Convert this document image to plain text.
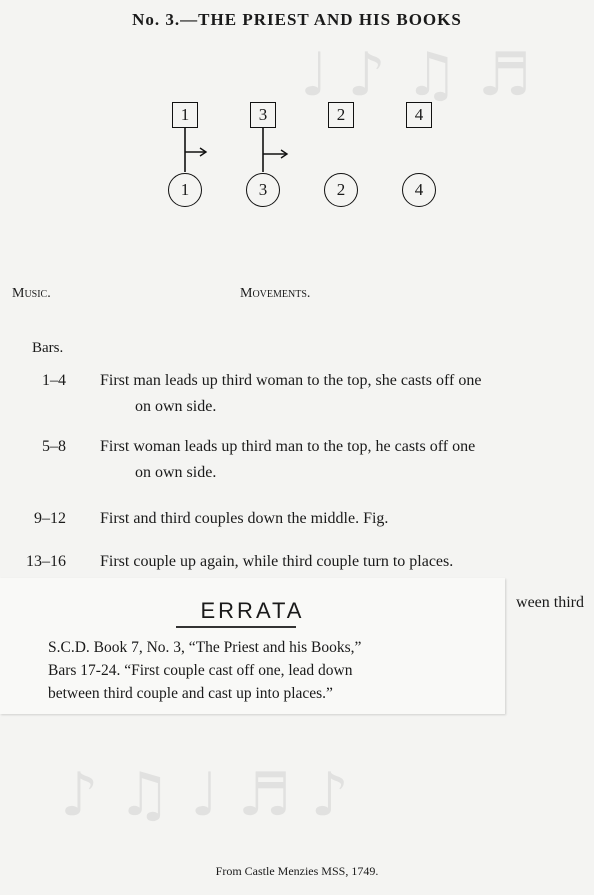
♩ ♪ ♫ ♬
♪ ♫ ♩ ♬ ♪
No. 3.—THE PRIEST AND HIS BOOKS
1	3	2	4
1	3	2	4
Music.	Movements.
Bars.
1–4 First man leads up third woman to the top, she casts off one
on own side.
5–8 First woman leads up third man to the top, he casts off one
on own side.
9–12 First and third couples down the middle. Fig.
13–16 First couple up again, while third couple turn to places.
ween third
ERRATA
S.C.D. Book 7, No. 3, “The Priest and his Books,”
Bars 17-24. “First couple cast off one, lead down
between third couple and cast up into places.”
From Castle Menzies MSS, 1749.
